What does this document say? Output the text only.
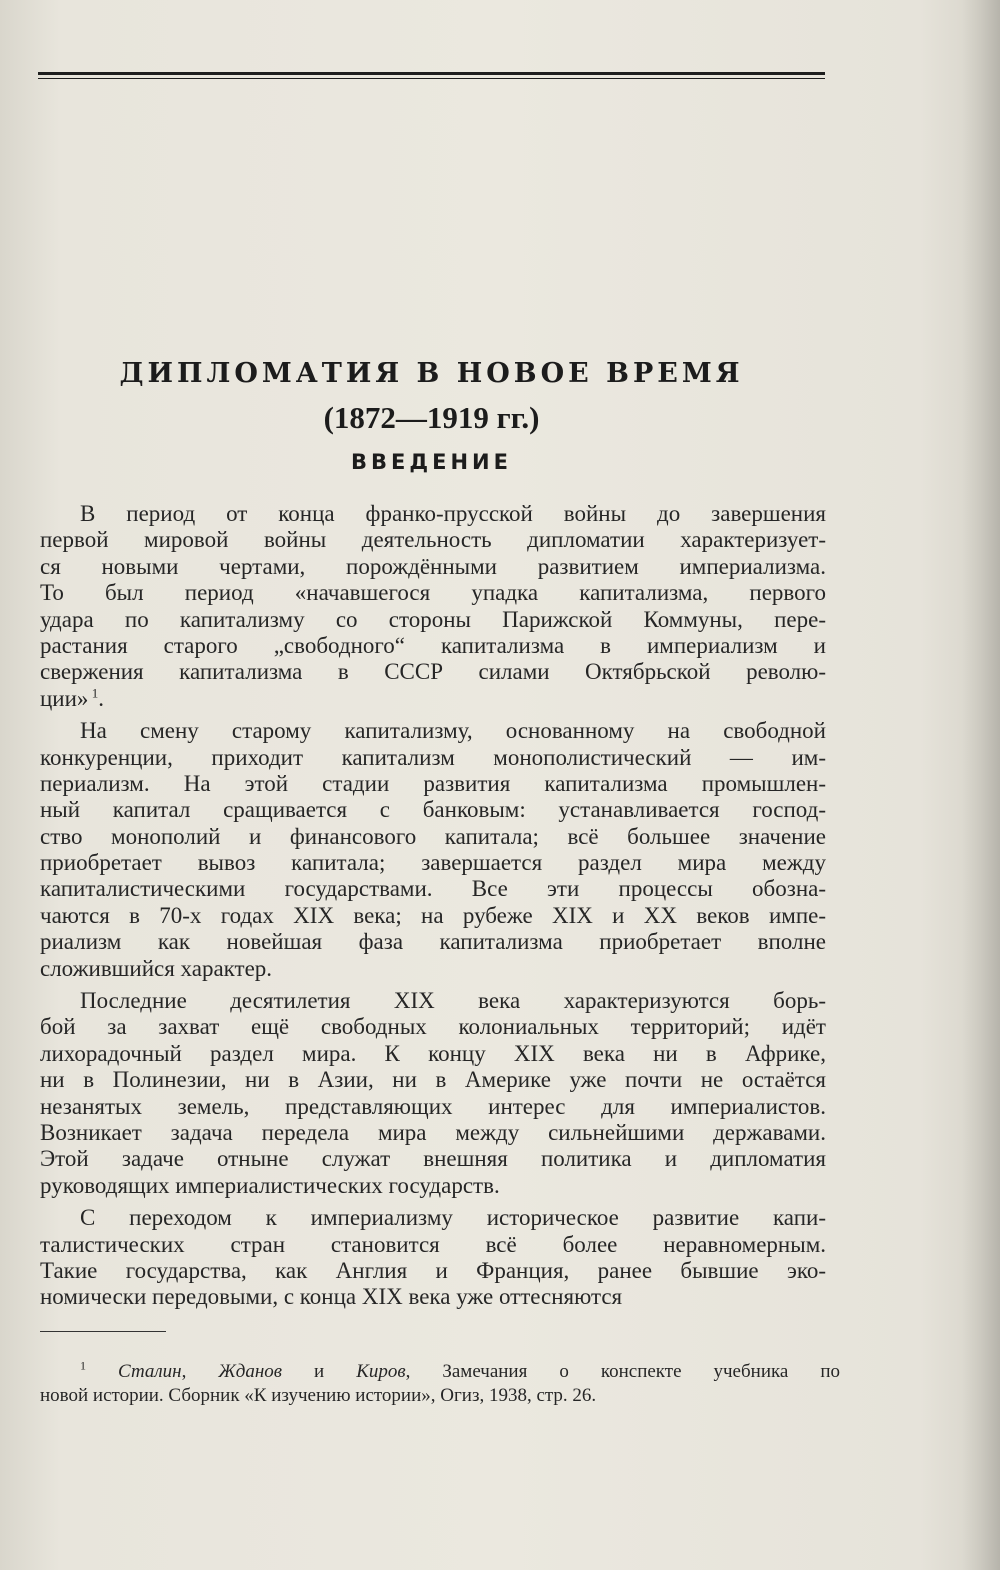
ДИПЛОМАТИЯ В НОВОЕ ВРЕМЯ
(1872—1919 гг.)
ВВЕДЕНИЕ
В период от конца франко-прусской войны до завершения
первой мировой войны деятельность дипломатии характеризует-
ся новыми чертами, порождёнными развитием империализма.
То был период «начавшегося упадка капитализма, первого
удара по капитализму со стороны Парижской Коммуны, пере-
растания старого „свободного“ капитализма в империализм и
свержения капитализма в СССР силами Октябрьской револю-
ции» $^1$.
На смену старому капитализму, основанному на свободной
конкуренции, приходит капитализм монополистический — им-
периализм. На этой стадии развития капитализма промышлен-
ный капитал сращивается с банковым: устанавливается господ-
ство монополий и финансового капитала; всё большее значение
приобретает вывоз капитала; завершается раздел мира между
капиталистическими государствами. Все эти процессы обозна-
чаются в 70-х годах XIX века; на рубеже XIX и XX веков импе-
риализм как новейшая фаза капитализма приобретает вполне
сложившийся характер.
Последние десятилетия XIX века характеризуются борь-
бой за захват ещё свободных колониальных территорий; идёт
лихорадочный раздел мира. К концу XIX века ни в Африке,
ни в Полинезии, ни в Азии, ни в Америке уже почти не остаётся
незанятых земель, представляющих интерес для империалистов.
Возникает задача передела мира между сильнейшими державами.
Этой задаче отныне служат внешняя политика и дипломатия
руководящих империалистических государств.
С переходом к империализму историческое развитие капи-
талистических стран становится всё более неравномерным.
Такие государства, как Англия и Франция, ранее бывшие эко-
номически передовыми, с конца XIX века уже оттесняются
$^1$ Сталин, Жданов и Киров, Замечания о конспекте учебника по
новой истории. Сборник «К изучению истории», Огиз, 1938, стр. 26.
